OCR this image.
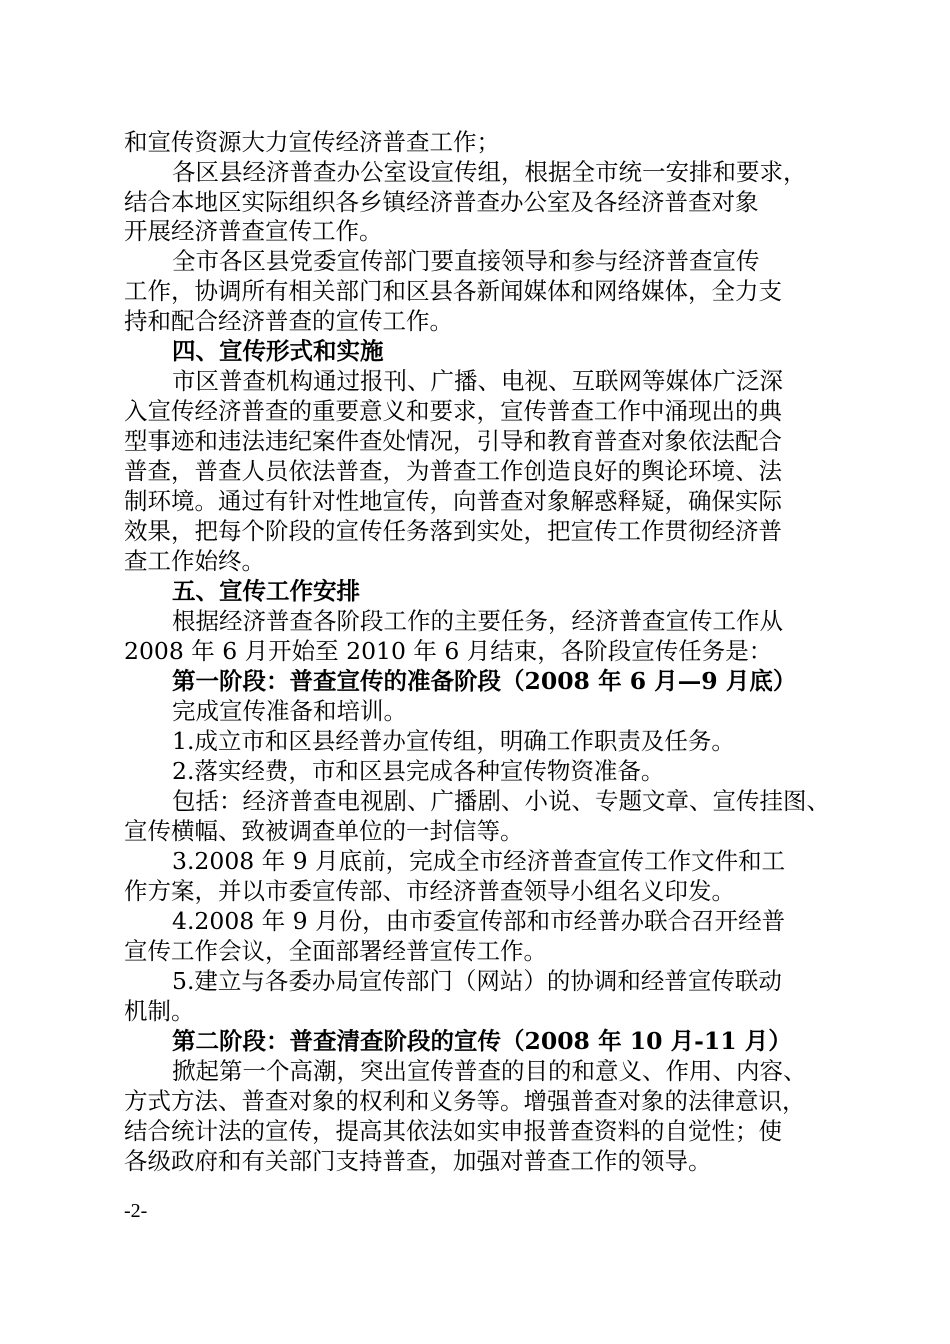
和宣传资源大力宣传经济普查工作；
各区县经济普查办公室设宣传组，根据全市统一安排和要求，
结合本地区实际组织各乡镇经济普查办公室及各经济普查对象
开展经济普查宣传工作。
全市各区县党委宣传部门要直接领导和参与经济普查宣传
工作，协调所有相关部门和区县各新闻媒体和网络媒体，全力支
持和配合经济普查的宣传工作。
四、宣传形式和实施
市区普查机构通过报刊、广播、电视、互联网等媒体广泛深
入宣传经济普查的重要意义和要求，宣传普查工作中涌现出的典
型事迹和违法违纪案件查处情况，引导和教育普查对象依法配合
普查，普查人员依法普查，为普查工作创造良好的舆论环境、法
制环境。通过有针对性地宣传，向普查对象解惑释疑，确保实际
效果，把每个阶段的宣传任务落到实处，把宣传工作贯彻经济普
查工作始终。
五、宣传工作安排
根据经济普查各阶段工作的主要任务，经济普查宣传工作从
2008 年 6 月开始至 2010 年 6 月结束，各阶段宣传任务是：
第一阶段：普查宣传的准备阶段（2008 年 6 月—9 月底）
完成宣传准备和培训。
1.成立市和区县经普办宣传组，明确工作职责及任务。
2.落实经费，市和区县完成各种宣传物资准备。
包括：经济普查电视剧、广播剧、小说、专题文章、宣传挂图、
宣传横幅、致被调查单位的一封信等。
3.2008 年 9 月底前，完成全市经济普查宣传工作文件和工
作方案，并以市委宣传部、市经济普查领导小组名义印发。
4.2008 年 9 月份，由市委宣传部和市经普办联合召开经普
宣传工作会议，全面部署经普宣传工作。
5.建立与各委办局宣传部门（网站）的协调和经普宣传联动
机制。
第二阶段：普查清查阶段的宣传（2008 年 10 月-11 月）
掀起第一个高潮，突出宣传普查的目的和意义、作用、内容、
方式方法、普查对象的权利和义务等。增强普查对象的法律意识，
结合统计法的宣传，提高其依法如实申报普查资料的自觉性；使
各级政府和有关部门支持普查，加强对普查工作的领导。
-2-
